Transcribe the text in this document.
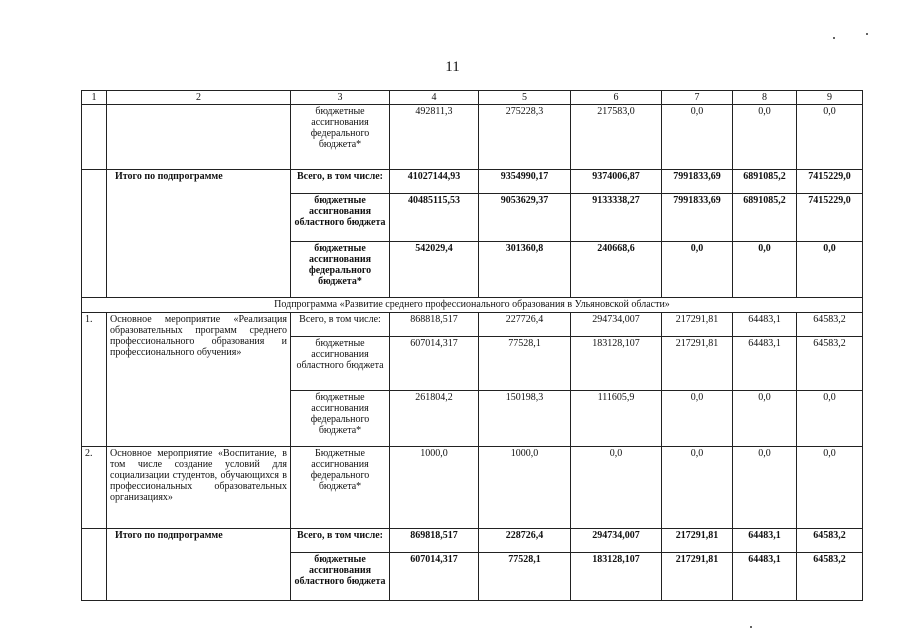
11
1	2	3	4	5	6	7	8	9
		бюджетные ассигнования федерального бюджета*	492811,3	275228,3	217583,0	0,0	0,0	0,0
	Итого по подпрограмме	Всего, в том числе:	41027144,93	9354990,17	9374006,87	7991833,69	6891085,2	7415229,0
		бюджетные ассигнования областного бюджета	40485115,53	9053629,37	9133338,27	7991833,69	6891085,2	7415229,0
		бюджетные ассигнования федерального бюджета*	542029,4	301360,8	240668,6	0,0	0,0	0,0
Подпрограмма «Развитие среднего профессионального образования в Ульяновской области»								
1.	Основное мероприятие «Реализация образовательных программ среднего профессионального образования и профессионального обучения»	Всего, в том числе:	868818,517	227726,4	294734,007	217291,81	64483,1	64583,2
		бюджетные ассигнования областного бюджета	607014,317	77528,1	183128,107	217291,81	64483,1	64583,2
		бюджетные ассигнования федерального бюджета*	261804,2	150198,3	111605,9	0,0	0,0	0,0
2.	Основное мероприятие «Воспитание, в том числе создание условий для социализации студентов, обучающихся в профессиональных образовательных организациях»	Бюджетные ассигнования федерального бюджета*	1000,0	1000,0	0,0	0,0	0,0	0,0
	Итого по подпрограмме	Всего, в том числе:	869818,517	228726,4	294734,007	217291,81	64483,1	64583,2
		бюджетные ассигнования областного бюджета	607014,317	77528,1	183128,107	217291,81	64483,1	64583,2
